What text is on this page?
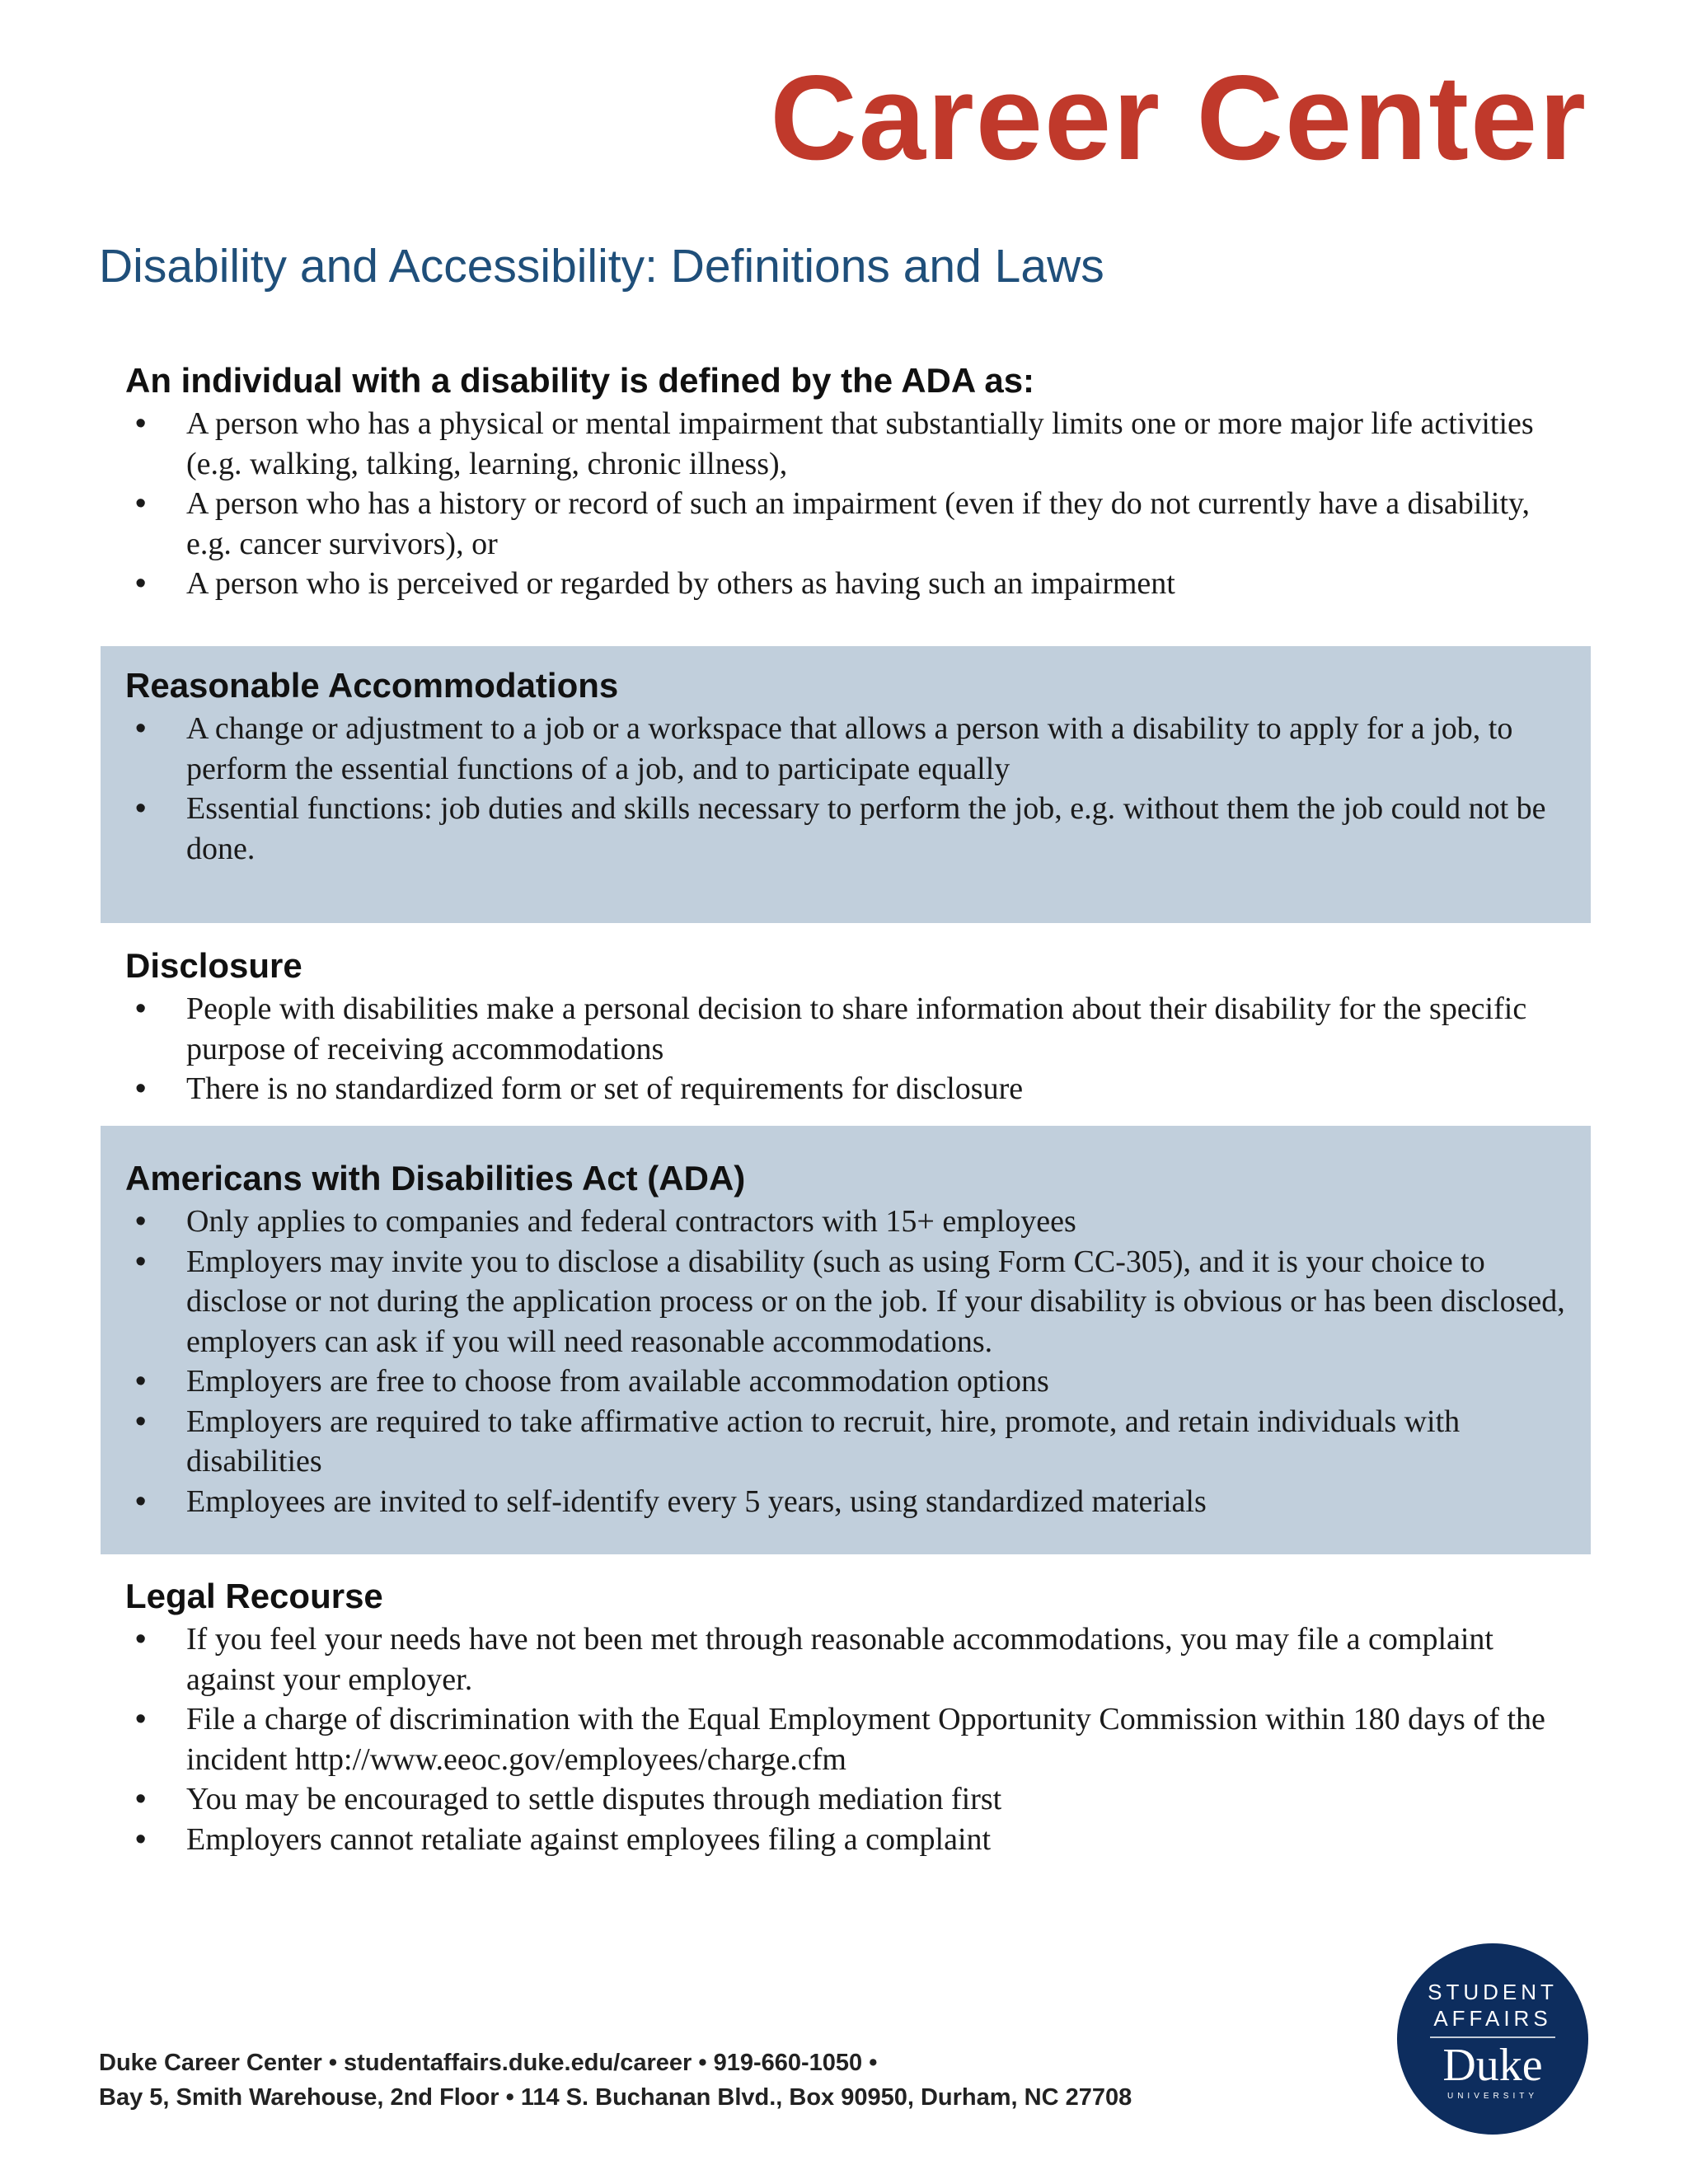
Career Center
Disability and Accessibility: Definitions and Laws
An individual with a disability is defined by the ADA as:
• A person who has a physical or mental impairment that substantially limits one or more major life activities (e.g. walking, talking, learning, chronic illness),
• A person who has a history or record of such an impairment (even if they do not currently have a disability, e.g. cancer survivors), or
• A person who is perceived or regarded by others as having such an impairment
Reasonable Accommodations
• A change or adjustment to a job or a workspace that allows a person with a disability to apply for a job, to perform the essential functions of a job, and to participate equally
• Essential functions: job duties and skills necessary to perform the job, e.g. without them the job could not be done.
Disclosure
• People with disabilities make a personal decision to share information about their disability for the specific purpose of receiving accommodations
• There is no standardized form or set of requirements for disclosure
Americans with Disabilities Act (ADA)
• Only applies to companies and federal contractors with 15+ employees
• Employers may invite you to disclose a disability (such as using Form CC-305), and it is your choice to disclose or not during the application process or on the job. If your disability is obvious or has been disclosed, employers can ask if you will need reasonable accommodations.
• Employers are free to choose from available accommodation options
• Employers are required to take affirmative action to recruit, hire, promote, and retain individuals with disabilities
• Employees are invited to self-identify every 5 years, using standardized materials
Legal Recourse
• If you feel your needs have not been met through reasonable accommodations, you may file a complaint against your employer.
• File a charge of discrimination with the Equal Employment Opportunity Commission within 180 days of the incident http://www.eeoc.gov/employees/charge.cfm
• You may be encouraged to settle disputes through mediation first
• Employers cannot retaliate against employees filing a complaint
Duke Career Center • studentaffairs.duke.edu/career • 919-660-1050 •
Bay 5, Smith Warehouse, 2nd Floor • 114 S. Buchanan Blvd., Box 90950, Durham, NC 27708
STUDENT
AFFAIRS
Duke
UNIVERSITY
